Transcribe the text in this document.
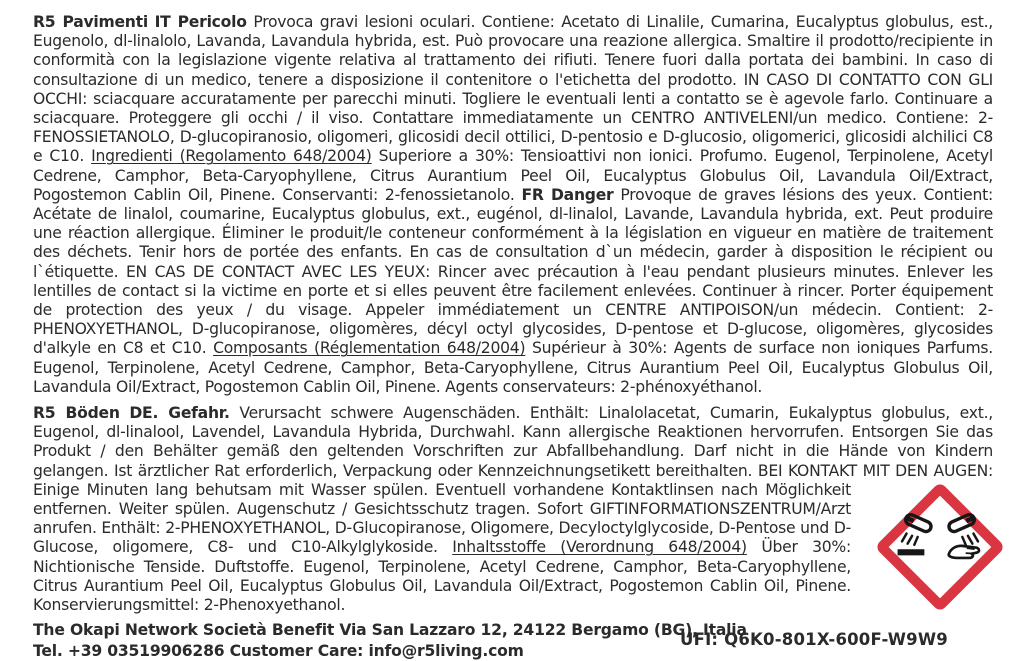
R5 Pavimenti IT Pericolo Provoca gravi lesioni oculari. Contiene: Acetato di Linalile, Cumarina, Eucalyptus globulus, est., Eugenolo, dl-linalolo, Lavanda, Lavandula hybrida, est. Può provocare una reazione allergica. Smaltire il prodotto/recipiente in conformità con la legislazione vigente relativa al trattamento dei rifiuti. Tenere fuori dalla portata dei bambini. In caso di consultazione di un medico, tenere a disposizione il contenitore o l'etichetta del prodotto. IN CASO DI CONTATTO CON GLI OCCHI: sciacquare accuratamente per parecchi minuti. Togliere le eventuali lenti a contatto se è agevole farlo. Continuare a sciacquare. Proteggere gli occhi / il viso. Contattare immediatamente un CENTRO ANTIVELENI/un medico. Contiene: 2-FENOSSIETANOLO, D-glucopiranosio, oligomeri, glicosidi decil ottilici, D-pentosio e D-glucosio, oligomerici, glicosidi alchilici C8 e C10. Ingredienti (Regolamento 648/2004) Superiore a 30%: Tensioattivi non ionici. Profumo. Eugenol, Terpinolene, Acetyl Cedrene, Camphor, Beta-Caryophyllene, Citrus Aurantium Peel Oil, Eucalyptus Globulus Oil, Lavandula Oil/Extract, Pogostemon Cablin Oil, Pinene. Conservanti: 2-fenossietanolo. FR Danger Provoque de graves lésions des yeux. Contient: Acétate de linalol, coumarine, Eucalyptus globulus, ext., eugénol, dl-linalol, Lavande, Lavandula hybrida, ext. Peut produire une réaction allergique. Éliminer le produit/le conteneur conformément à la législation en vigueur en matière de traitement des déchets. Tenir hors de portée des enfants. En cas de consultation d`un médecin, garder à disposition le récipient ou l`étiquette. EN CAS DE CONTACT AVEC LES YEUX: Rincer avec précaution à l'eau pendant plusieurs minutes. Enlever les lentilles de contact si la victime en porte et si elles peuvent être facilement enlevées. Continuer à rincer. Porter équipement de protection des yeux / du visage. Appeler immédiatement un CENTRE ANTIPOISON/un médecin. Contient: 2-PHENOXYETHANOL, D-glucopiranose, oligomères, décyl octyl glycosides, D-pentose et D-glucose, oligomères, glycosides d'alkyle en C8 et C10. Composants (Réglementation 648/2004) Supérieur à 30%: Agents de surface non ioniques Parfums. Eugenol, Terpinolene, Acetyl Cedrene, Camphor, Beta-Caryophyllene, Citrus Aurantium Peel Oil, Eucalyptus Globulus Oil, Lavandula Oil/Extract, Pogostemon Cablin Oil, Pinene. Agents conservateurs: 2-phénoxyéthanol.

R5 Böden DE. Gefahr. Verursacht schwere Augenschäden. Enthält: Linalolacetat, Cumarin, Eukalyptus globulus, ext., Eugenol, dl-linalool, Lavendel, Lavandula Hybrida, Durchwahl. Kann allergische Reaktionen hervorrufen. Entsorgen Sie das Produkt / den Behälter gemäß den geltenden Vorschriften zur Abfallbehandlung. Darf nicht in die Hände von Kindern gelangen. Ist ärztlicher Rat erforderlich, Verpackung oder Kennzeichnungsetikett bereithalten. BEI KONTAKT MIT DEN AUGEN: Einige Minuten lang behutsam mit Wasser spülen. Eventuell vorhandene Kontaktlinsen nach Möglichkeit entfernen. Weiter spülen. Augenschutz / Gesichtsschutz tragen. Sofort GIFTINFORMATIONSZENTRUM/Arzt anrufen. Enthält: 2-PHENOXYETHANOL, D-Glucopiranose, Oligomere, Decyloctylglycoside, D-Pentose und D-Glucose, oligomere, C8- und C10-Alkylglykoside. Inhaltsstoffe (Verordnung 648/2004) Über 30%: Nichtionische Tenside. Duftstoffe. Eugenol, Terpinolene, Acetyl Cedrene, Camphor, Beta-Caryophyllene, Citrus Aurantium Peel Oil, Eucalyptus Globulus Oil, Lavandula Oil/Extract, Pogostemon Cablin Oil, Pinene. Konservierungsmittel: 2-Phenoxyethanol.

The Okapi Network Società Benefit Via San Lazzaro 12, 24122 Bergamo (BG), Italia
Tel. +39 03519906286 Customer Care: info@r5living.com
UFI: Q6K0-801X-600F-W9W9
